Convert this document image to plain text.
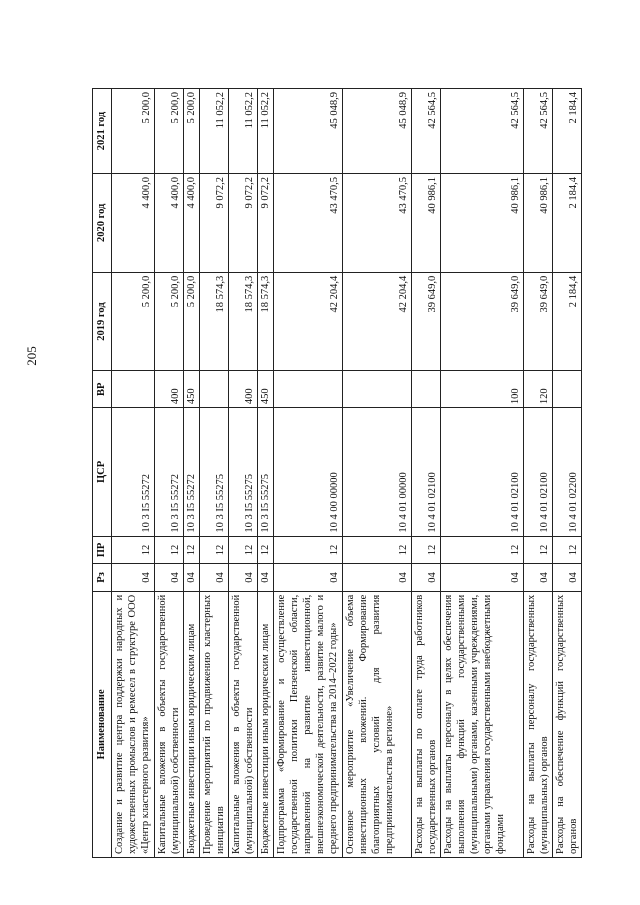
205
Наименование	Рз	ПР	ЦСР	ВР	2019 год	2020 год	2021 год
Создание и развитие центра поддержки народных и художественных промыслов и ремесел в структуре ООО «Центр кластерного развития»	04	12	10 3 I5 55272		5 200,0	4 400,0	5 200,0
Капитальные вложения в объекты государственной (муниципальной) собственности	04	12	10 3 I5 55272	400	5 200,0	4 400,0	5 200,0
Бюджетные инвестиции иным юридическим лицам	04	12	10 3 I5 55272	450	5 200,0	4 400,0	5 200,0
Проведение мероприятий по продвижению кластерных инициатив	04	12	10 3 I5 55275		18 574,3	9 072,2	11 052,2
Капитальные вложения в объекты государственной (муниципальной) собственности	04	12	10 3 I5 55275	400	18 574,3	9 072,2	11 052,2
Бюджетные инвестиции иным юридическим лицам	04	12	10 3 I5 55275	450	18 574,3	9 072,2	11 052,2
Подпрограмма «Формирование и осуществление государственной политики Пензенской области, направленной на развитие инвестиционной, внешнеэкономической деятельности, развитие малого и среднего предпринимательства на 2014–2022 годы»	04	12	10 4 00 00000		42 204,4	43 470,5	45 048,9
Основное мероприятие «Увеличение объема инвестиционных вложений. Формирование благоприятных условий для развития предпринимательства в регионе»	04	12	10 4 01 00000		42 204,4	43 470,5	45 048,9
Расходы на выплаты по оплате труда работников государственных органов	04	12	10 4 01 02100		39 649,0	40 986,1	42 564,5
Расходы на выплаты персоналу в целях обеспечения выполнения функций государственными (муниципальными) органами, казенными учреждениями, органами управления государственными внебюджетными фондами	04	12	10 4 01 02100	100	39 649,0	40 986,1	42 564,5
Расходы на выплаты персоналу государственных (муниципальных) органов	04	12	10 4 01 02100	120	39 649,0	40 986,1	42 564,5
Расходы на обеспечение функций государственных органов	04	12	10 4 01 02200		2 184,4	2 184,4	2 184,4
